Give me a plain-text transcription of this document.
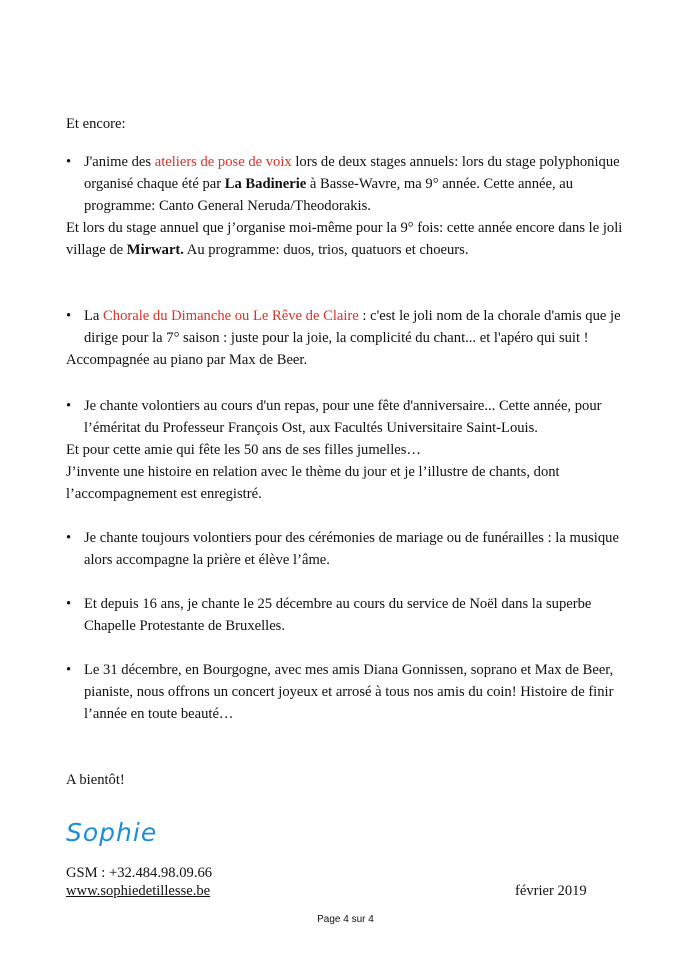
Et encore:
• J'anime des ateliers de pose de voix lors de deux stages annuels: lors du stage polyphonique
organisé chaque été par La Badinerie à Basse-Wavre, ma 9° année. Cette année, au
programme: Canto General Neruda/Theodorakis.
Et lors du stage annuel que j’organise moi-même pour la 9° fois: cette année encore dans le joli
village de Mirwart. Au programme: duos, trios, quatuors et choeurs.
• La Chorale du Dimanche ou Le Rêve de Claire : c'est le joli nom de la chorale d'amis que je
dirige pour la 7° saison : juste pour la joie, la complicité du chant... et l'apéro qui suit !
Accompagnée au piano par Max de Beer.
• Je chante volontiers au cours d'un repas, pour une fête d'anniversaire... Cette année, pour
l’éméritat du Professeur François Ost, aux Facultés Universitaire Saint-Louis.
Et pour cette amie qui fête les 50 ans de ses filles jumelles…
J’invente une histoire en relation avec le thème du jour et je l’illustre de chants, dont
l’accompagnement est enregistré.
• Je chante toujours volontiers pour des cérémonies de mariage ou de funérailles : la musique
alors accompagne la prière et élève l’âme.
• Et depuis 16 ans, je chante le 25 décembre au cours du service de Noël dans la superbe
Chapelle Protestante de Bruxelles.
• Le 31 décembre, en Bourgogne, avec mes amis Diana Gonnissen, soprano et Max de Beer,
pianiste, nous offrons un concert joyeux et arrosé à tous nos amis du coin! Histoire de finir
l’année en toute beauté…
A bientôt!
Sophie
GSM : +32.484.98.09.66
www.sophiedetillesse.be	février 2019
Page 4 sur 4
